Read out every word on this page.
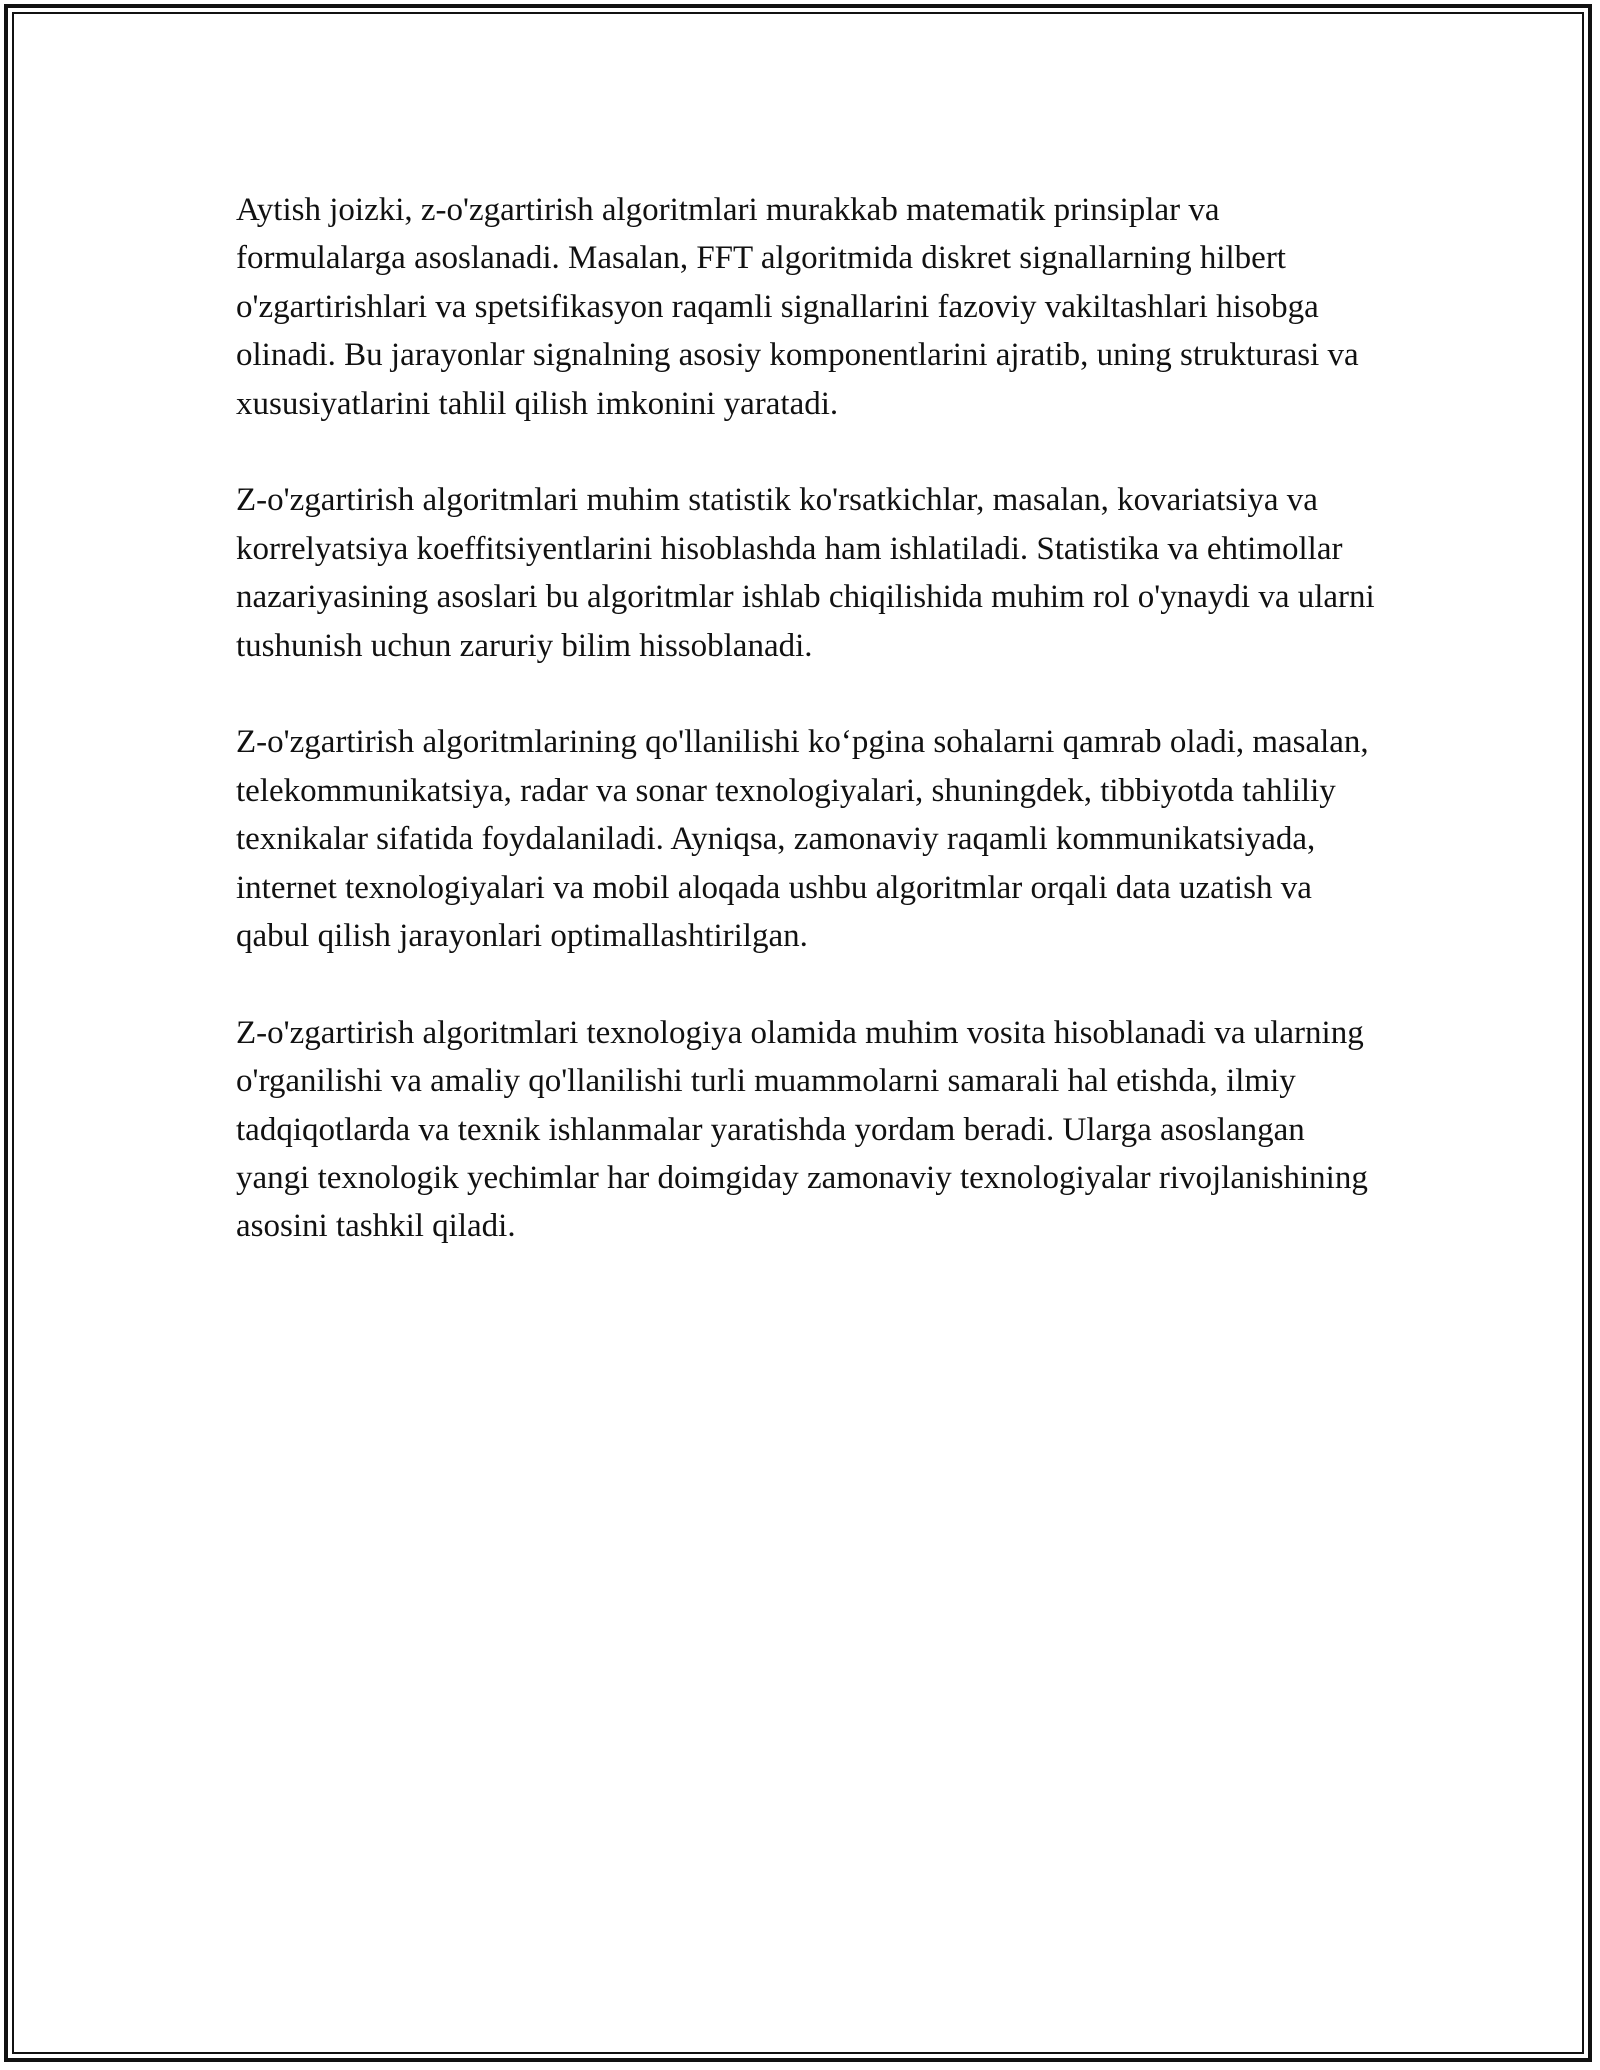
Aytish joizki, z-o'zgartirish algoritmlari murakkab matematik prinsiplar va formulalarga asoslanadi. Masalan, FFT algoritmida diskret signallarning hilbert o'zgartirishlari va spetsifikasyon raqamli signallarini fazoviy vakiltashlari hisobga olinadi. Bu jarayonlar signalning asosiy komponentlarini ajratib, uning strukturasi va xususiyatlarini tahlil qilish imkonini yaratadi.

Z-o'zgartirish algoritmlari muhim statistik ko'rsatkichlar, masalan, kovariatsiya va korrelyatsiya koeffitsiyentlarini hisoblashda ham ishlatiladi. Statistika va ehtimollar nazariyasining asoslari bu algoritmlar ishlab chiqilishida muhim rol o'ynaydi va ularni tushunish uchun zaruriy bilim hissoblanadi.

Z-o'zgartirish algoritmlarining qo'llanilishi ko‘pgina sohalarni qamrab oladi, masalan, telekommunikatsiya, radar va sonar texnologiyalari, shuningdek, tibbiyotda tahliliy texnikalar sifatida foydalaniladi. Ayniqsa, zamonaviy raqamli kommunikatsiyada, internet texnologiyalari va mobil aloqada ushbu algoritmlar orqali data uzatish va qabul qilish jarayonlari optimallashtirilgan.

Z-o'zgartirish algoritmlari texnologiya olamida muhim vosita hisoblanadi va ularning o'rganilishi va amaliy qo'llanilishi turli muammolarni samarali hal etishda, ilmiy tadqiqotlarda va texnik ishlanmalar yaratishda yordam beradi. Ularga asoslangan yangi texnologik yechimlar har doimgiday zamonaviy texnologiyalar rivojlanishining asosini tashkil qiladi.
